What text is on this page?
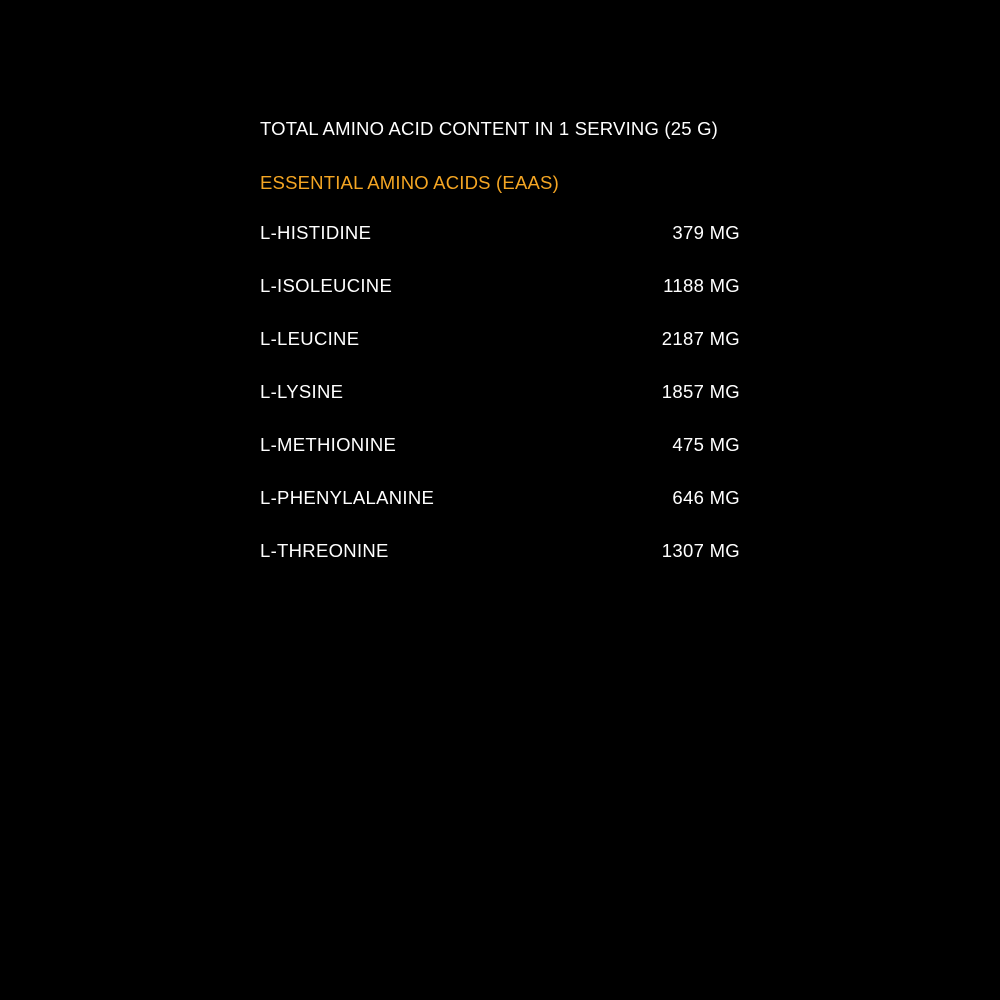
TOTAL AMINO ACID CONTENT IN 1 SERVING (25 G)
ESSENTIAL AMINO ACIDS (EAAS)
L-HISTIDINE	379 MG
L-ISOLEUCINE	1188 MG
L-LEUCINE	2187 MG
L-LYSINE	1857 MG
L-METHIONINE	475 MG
L-PHENYLALANINE	646 MG
L-THREONINE	1307 MG
